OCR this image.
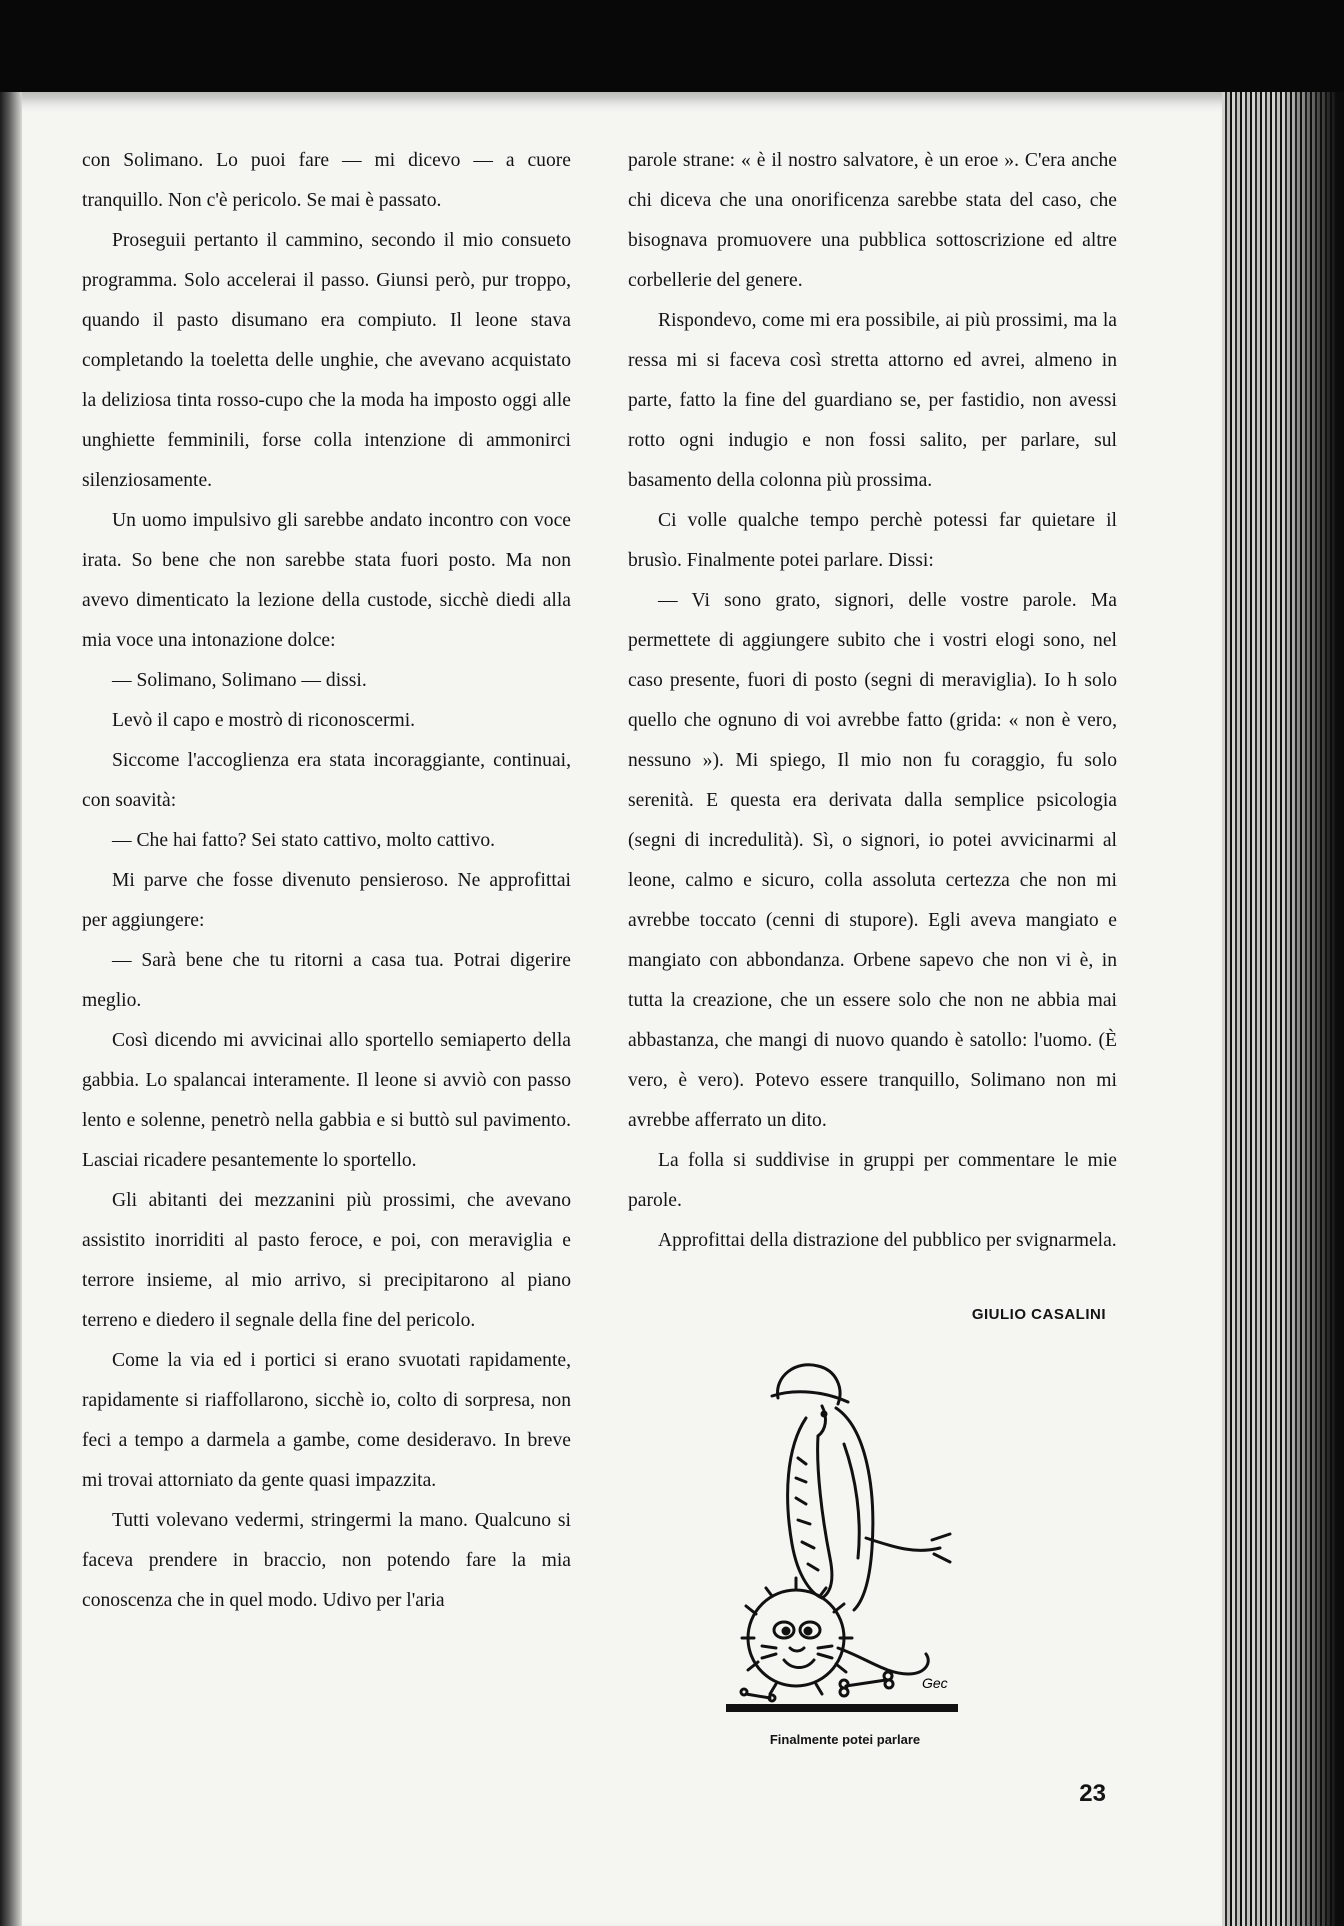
con Solimano. Lo puoi fare — mi dicevo — a cuore tranquillo. Non c'è pericolo. Se mai è passato.

Proseguii pertanto il cammino, secondo il mio consueto programma. Solo accelerai il passo. Giunsi però, pur troppo, quando il pasto disumano era compiuto. Il leone stava completando la toeletta delle unghie, che avevano acquistato la deliziosa tinta rosso-cupo che la moda ha imposto oggi alle unghiette femminili, forse colla intenzione di ammonirci silenziosamente.

Un uomo impulsivo gli sarebbe andato incontro con voce irata. So bene che non sarebbe stata fuori posto. Ma non avevo dimenticato la lezione della custode, sicchè diedi alla mia voce una intonazione dolce:

— Solimano, Solimano — dissi.

Levò il capo e mostrò di riconoscermi.

Siccome l'accoglienza era stata incoraggiante, continuai, con soavità:

— Che hai fatto? Sei stato cattivo, molto cattivo.

Mi parve che fosse divenuto pensieroso. Ne approfittai per aggiungere:

— Sarà bene che tu ritorni a casa tua. Potrai digerire meglio.

Così dicendo mi avvicinai allo sportello semiaperto della gabbia. Lo spalancai interamente. Il leone si avviò con passo lento e solenne, penetrò nella gabbia e si buttò sul pavimento. Lasciai ricadere pesantemente lo sportello.

Gli abitanti dei mezzanini più prossimi, che avevano assistito inorriditi al pasto feroce, e poi, con meraviglia e terrore insieme, al mio arrivo, si precipitarono al piano terreno e diedero il segnale della fine del pericolo.

Come la via ed i portici si erano svuotati rapidamente, rapidamente si riaffollarono, sicchè io, colto di sorpresa, non feci a tempo a darmela a gambe, come desideravo. In breve mi trovai attorniato da gente quasi impazzita.

Tutti volevano vedermi, stringermi la mano. Qualcuno si faceva prendere in braccio, non potendo fare la mia conoscenza che in quel modo. Udivo per l'aria

parole strane: « è il nostro salvatore, è un eroe ». C'era anche chi diceva che una onorificenza sarebbe stata del caso, che bisognava promuovere una pubblica sottoscrizione ed altre corbellerie del genere.

Rispondevo, come mi era possibile, ai più prossimi, ma la ressa mi si faceva così stretta attorno ed avrei, almeno in parte, fatto la fine del guardiano se, per fastidio, non avessi rotto ogni indugio e non fossi salito, per parlare, sul basamento della colonna più prossima.

Ci volle qualche tempo perchè potessi far quietare il brusìo. Finalmente potei parlare. Dissi:

— Vi sono grato, signori, delle vostre parole. Ma permettete di aggiungere subito che i vostri elogi sono, nel caso presente, fuori di posto (segni di meraviglia). Io h solo quello che ognuno di voi avrebbe fatto (grida: « non è vero, nessuno »). Mi spiego, Il mio non fu coraggio, fu solo serenità. E questa era derivata dalla semplice psicologia (segni di incredulità). Sì, o signori, io potei avvicinarmi al leone, calmo e sicuro, colla assoluta certezza che non mi avrebbe toccato (cenni di stupore). Egli aveva mangiato e mangiato con abbondanza. Orbene sapevo che non vi è, in tutta la creazione, che un essere solo che non ne abbia mai abbastanza, che mangi di nuovo quando è satollo: l'uomo. (È vero, è vero). Potevo essere tranquillo, Solimano non mi avrebbe afferrato un dito.

La folla si suddivise in gruppi per commentare le mie parole.

Approfittai della distrazione del pubblico per svignarmela.

GIULIO CASALINI
Gec
Finalmente potei parlare
23
